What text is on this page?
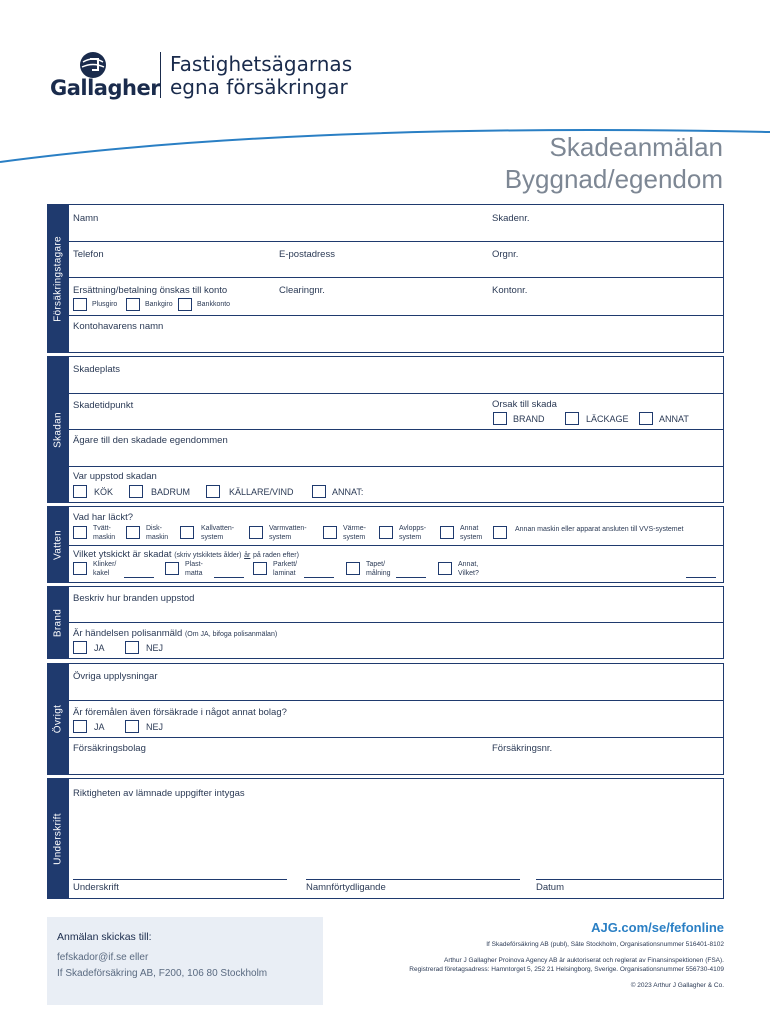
Gallagher
Fastighetsägarnas
egna försäkringar
Skadeanmälan
Byggnad/egendom
Försäkringstagare
Namn	Skadenr.
Telefon	E-postadress	Orgnr.
Ersättning/betalning önskas till konto	Clearingnr.	Kontonr.
Plusgiro	Bankgiro	Bankkonto
Kontohavarens namn
Skadan
Skadeplats
Skadetidpunkt	Orsak till skada
BRAND	LÄCKAGE	ANNAT
Ägare till den skadade egendommen
Var uppstod skadan
KÖK	BADRUM	KÄLLARE/VIND	ANNAT:
Vatten
Vad har läckt?
Tvätt-
maskin
Disk-
maskin
Kallvatten-
system
Varmvatten-
system
Värme-
system
Avlopps-
system
Annat
system
Annan maskin eller apparat ansluten till VVS-systemet
Vilket ytskickt är skadat (skriv ytskiktets ålder) år på raden efter)
Klinker/
kakel
Plast-
matta
Parkett/
laminat
Tapet/
målning
Annat,
Vilket?
Brand
Beskriv hur branden uppstod
Är händelsen polisanmäld (Om JA, bifoga polisanmälan)
JA	NEJ
Övrigt
Övriga upplysningar
Är föremålen även försäkrade i något annat bolag?
JA	NEJ
Försäkringsbolag	Försäkringsnr.
Underskrift
Riktigheten av lämnade uppgifter intygas
Underskrift	Namnförtydligande	Datum
Anmälan skickas till:
fefskador@if.se eller
If Skadeförsäkring AB, F200, 106 80 Stockholm
AJG.com/se/fefonline
If Skadeförsäkring AB (publ), Säte Stockholm, Organisationsnummer 516401-8102
Arthur J Gallagher Proinova Agency AB är auktoriserat och reglerat av Finansinspektionen (FSA).
Registrerad företagsadress: Hamntorget 5, 252 21 Helsingborg, Sverige. Organisationsnummer 556730-4109
© 2023 Arthur J Gallagher & Co.
